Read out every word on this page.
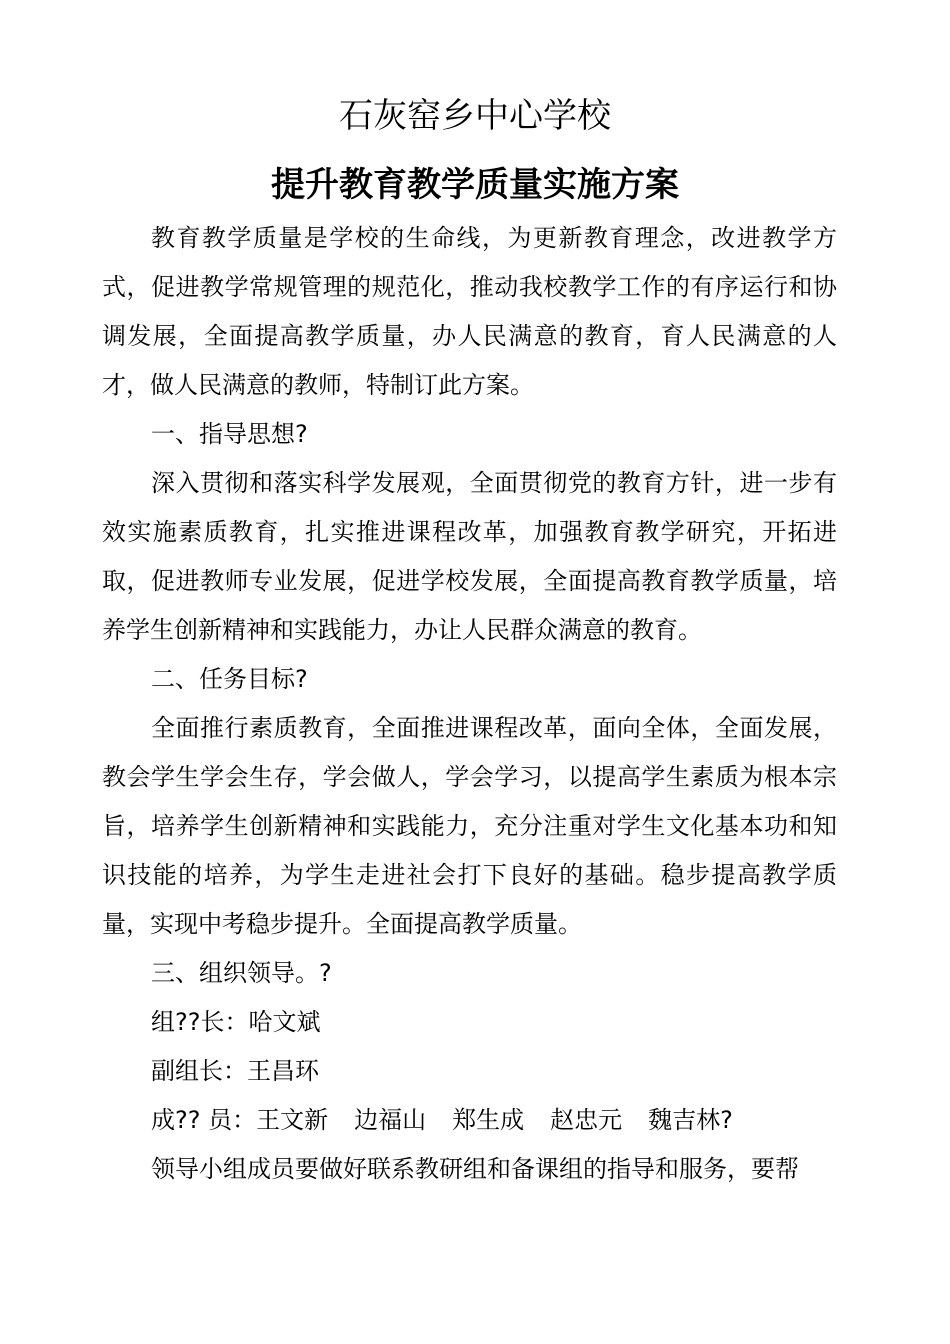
石灰窑乡中心学校
提升教育教学质量实施方案

教育教学质量是学校的生命线，为更新教育理念，改进教学方式，促进教学常规管理的规范化，推动我校教学工作的有序运行和协调发展，全面提高教学质量，办人民满意的教育，育人民满意的人才，做人民满意的教师，特制订此方案。

一、指导思想?

深入贯彻和落实科学发展观，全面贯彻党的教育方针，进一步有效实施素质教育，扎实推进课程改革，加强教育教学研究，开拓进取，促进教师专业发展，促进学校发展，全面提高教育教学质量，培养学生创新精神和实践能力，办让人民群众满意的教育。

二、任务目标?

全面推行素质教育，全面推进课程改革，面向全体，全面发展，教会学生学会生存，学会做人，学会学习，以提高学生素质为根本宗旨，培养学生创新精神和实践能力，充分注重对学生文化基本功和知识技能的培养，为学生走进社会打下良好的基础。稳步提高教学质量，实现中考稳步提升。全面提高教学质量。

三、组织领导。?

组??长：哈文斌

副组长：王昌环

成?? 员：王文新 边福山 郑生成 赵忠元 魏吉林?

领导小组成员要做好联系教研组和备课组的指导和服务，要帮
